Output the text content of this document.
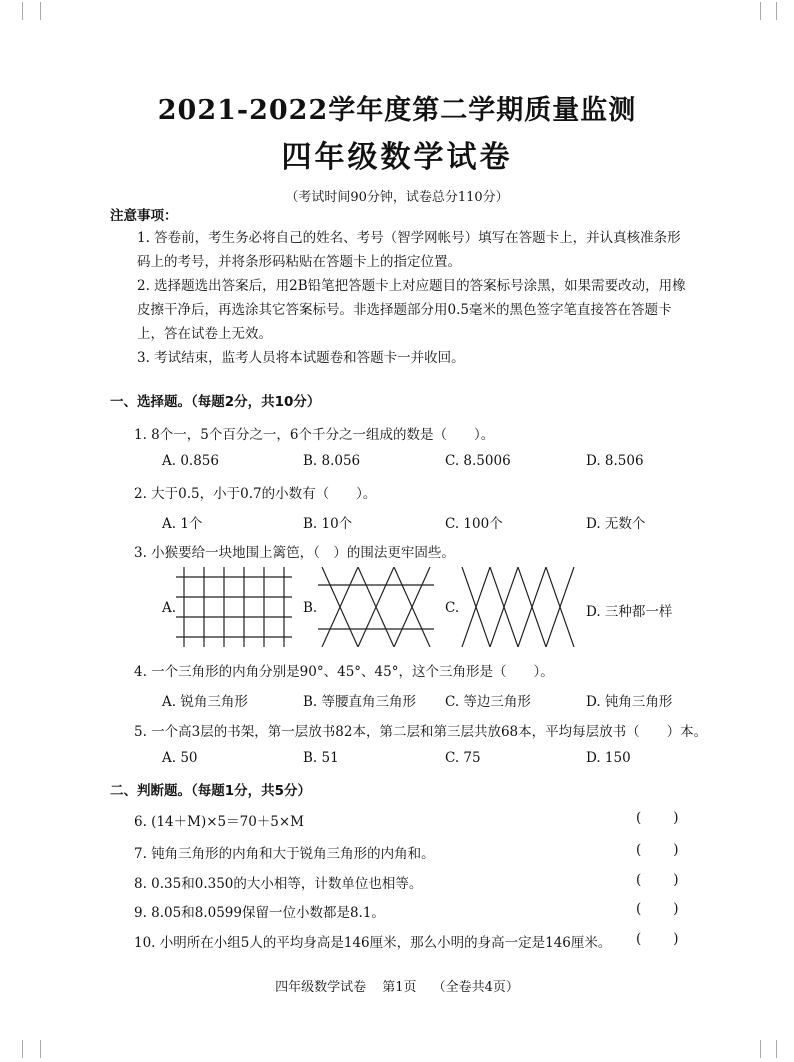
2021-2022学年度第二学期质量监测
四年级数学试卷
（考试时间90分钟，试卷总分110分）
注意事项：
1. 答卷前，考生务必将自己的姓名、考号（智学网帐号）填写在答题卡上，并认真核准条形码上的考号，并将条形码粘贴在答题卡上的指定位置。
2. 选择题选出答案后，用2B铅笔把答题卡上对应题目的答案标号涂黑，如果需要改动，用橡皮擦干净后，再选涂其它答案标号。非选择题部分用0.5毫米的黑色签字笔直接答在答题卡上，答在试卷上无效。
3. 考试结束，监考人员将本试题卷和答题卡一并收回。
一、选择题。（每题2分，共10分）
1. 8个一，5个百分之一，6个千分之一组成的数是（　　）。
A. 0.856	B. 8.056	C. 8.5006	D. 8.506
2. 大于0.5，小于0.7的小数有（　　）。
A. 1个	B. 10个	C. 100个	D. 无数个
3. 小猴要给一块地围上篱笆，（　）的围法更牢固些。
A.	B.	C.	D. 三种都一样
4. 一个三角形的内角分别是90°、45°、45°，这个三角形是（　　）。
A. 锐角三角形	B. 等腰直角三角形 C. 等边三角形	D. 钝角三角形
5. 一个高3层的书架，第一层放书82本，第二层和第三层共放68本，平均每层放书（　　）本。
A. 50	B. 51	C. 75	D. 150
二、判断题。（每题1分，共5分）
6. (14＋M)×5＝70＋5×M	( )
7. 钝角三角形的内角和大于锐角三角形的内角和。	( )
8. 0.35和0.350的大小相等，计数单位也相等。	( )
9. 8.05和8.0599保留一位小数都是8.1。	( )
10. 小明所在小组5人的平均身高是146厘米，那么小明的身高一定是146厘米。 ( )
四年级数学试卷 第1页 （全卷共4页）
